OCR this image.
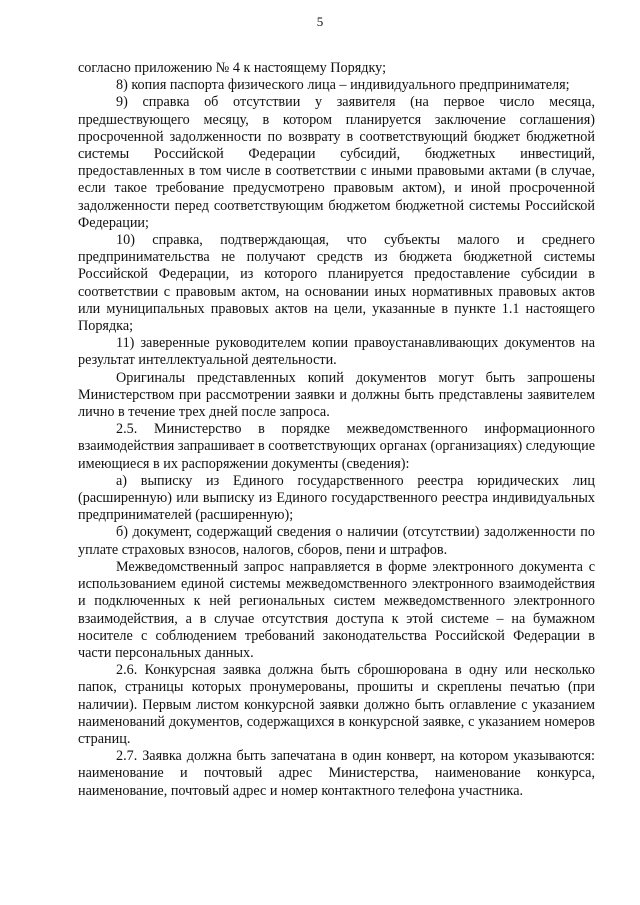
5

согласно приложению № 4 к настоящему Порядку;

8) копия паспорта физического лица – индивидуального предпринимателя;

9) справка об отсутствии у заявителя (на первое число месяца, предшествующего месяцу, в котором планируется заключение соглашения) просроченной задолженности по возврату в соответствующий бюджет бюджетной системы Российской Федерации субсидий, бюджетных инвестиций, предоставленных в том числе в соответствии с иными правовыми актами (в случае, если такое требование предусмотрено правовым актом), и иной просроченной задолженности перед соответствующим бюджетом бюджетной системы Российской Федерации;

10) справка, подтверждающая, что субъекты малого и среднего предпринимательства не получают средств из бюджета бюджетной системы Российской Федерации, из которого планируется предоставление субсидии в соответствии с правовым актом, на основании иных нормативных правовых актов или муниципальных правовых актов на цели, указанные в пункте 1.1 настоящего Порядка;

11) заверенные руководителем копии правоустанавливающих документов на результат интеллектуальной деятельности.

Оригиналы представленных копий документов могут быть запрошены Министерством при рассмотрении заявки и должны быть представлены заявителем лично в течение трех дней после запроса.

2.5. Министерство в порядке межведомственного информационного взаимодействия запрашивает в соответствующих органах (организациях) следующие имеющиеся в их распоряжении документы (сведения):

а) выписку из Единого государственного реестра юридических лиц (расширенную) или выписку из Единого государственного реестра индивидуальных предпринимателей (расширенную);

б) документ, содержащий сведения о наличии (отсутствии) задолженности по уплате страховых взносов, налогов, сборов, пени и штрафов.

Межведомственный запрос направляется в форме электронного документа с использованием единой системы межведомственного электронного взаимодействия и подключенных к ней региональных систем межведомственного электронного взаимодействия, а в случае отсутствия доступа к этой системе – на бумажном носителе с соблюдением требований законодательства Российской Федерации в части персональных данных.

2.6. Конкурсная заявка должна быть сброшюрована в одну или несколько папок, страницы которых пронумерованы, прошиты и скреплены печатью (при наличии). Первым листом конкурсной заявки должно быть оглавление с указанием наименований документов, содержащихся в конкурсной заявке, с указанием номеров страниц.

2.7. Заявка должна быть запечатана в один конверт, на котором указываются: наименование и почтовый адрес Министерства, наименование конкурса, наименование, почтовый адрес и номер контактного телефона участника.
